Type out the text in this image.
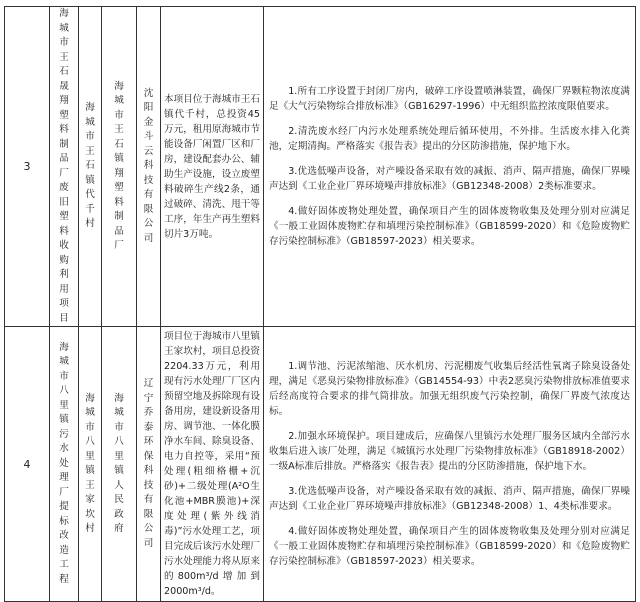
3	海城市王石晟翔塑料制品厂废旧塑料收购利用项目	海城市王石镇代千村	海城市王石镇翔塑料制品厂	沈阳金斗云科技有限公司	本项目位于海城市王石镇代千村，总投资45万元，租用原海城市节能设备厂闲置厂区和厂房，建设配套办公、辅助生产设施，设立废塑料破碎生产线2条，通过破碎、清洗、甩干等工序，年生产再生塑料切片3万吨。	1.所有工序设置于封闭厂房内，破碎工序设置喷淋装置，确保厂界颗粒物浓度满足《大气污染物综合排放标准》（GB16297-1996）中无组织监控浓度限值要求。

2.清洗废水经厂内污水处理系统处理后循环使用，不外排。生活废水排入化粪池，定期清掏。严格落实《报告表》提出的分区防渗措施，保护地下水。

3.优选低噪声设备，对产噪设备采取有效的减振、消声、隔声措施，确保厂界噪声达到《工业企业厂界环境噪声排放标准》（GB12348-2008）2类标准要求。

4.做好固体废物处理处置，确保项目产生的固体废物收集及处理分别对应满足《一般工业固体废物贮存和填埋污染控制标准》（GB18599-2020）和《危险废物贮存污染控制标准》（GB18597-2023）相关要求。

4	海城市八里镇污水处理厂提标改造工程	海城市八里镇王家坎村	海城市八里镇人民政府	辽宁乔泰环保科技有限公司	项目位于海城市八里镇王家坎村，项目总投资2204.33万元，利用现有污水处理厂厂区内预留空地及拆除现有设备用房，建设新设备用房、调节池、一体化膜净水车间、除臭设备、电力自控等，采用“预处理(粗细格栅+沉砂)+二级处理(A²O生化池+MBR膜池)+深度处理(紫外线消毒)”污水处理工艺，项目完成后该污水处理厂污水处理能力将从原来的800m³/d增加到2000m³/d。	1.调节池、污泥浓缩池、厌水机房、污泥棚废气收集后经活性氧离子除臭设备处理，满足《恶臭污染物排放标准》（GB14554-93）中表2恶臭污染物排放标准值要求后经高度符合要求的排气筒排放。加强无组织废气污染控制，确保厂界废气浓度达标。

2.加强水环境保护。项目建成后，应确保八里镇污水处理厂服务区域内全部污水收集后进入该厂处理，满足《城镇污水处理厂污染物排放标准》（GB18918-2002）一级A标准后排放。严格落实《报告表》提出的分区防渗措施，保护地下水。

3.优选低噪声设备，对产噪设备采取有效的减振、消声、隔声措施，确保厂界噪声达到《工业企业厂界环境噪声排放标准》（GB12348-2008）1、4类标准要求。

4.做好固体废物处理处置，确保项目产生的固体废物收集及处理分别对应满足《一般工业固体废物贮存和填埋污染控制标准》（GB18599-2020）和《危险废物贮存污染控制标准》（GB18597-2023）相关要求。
